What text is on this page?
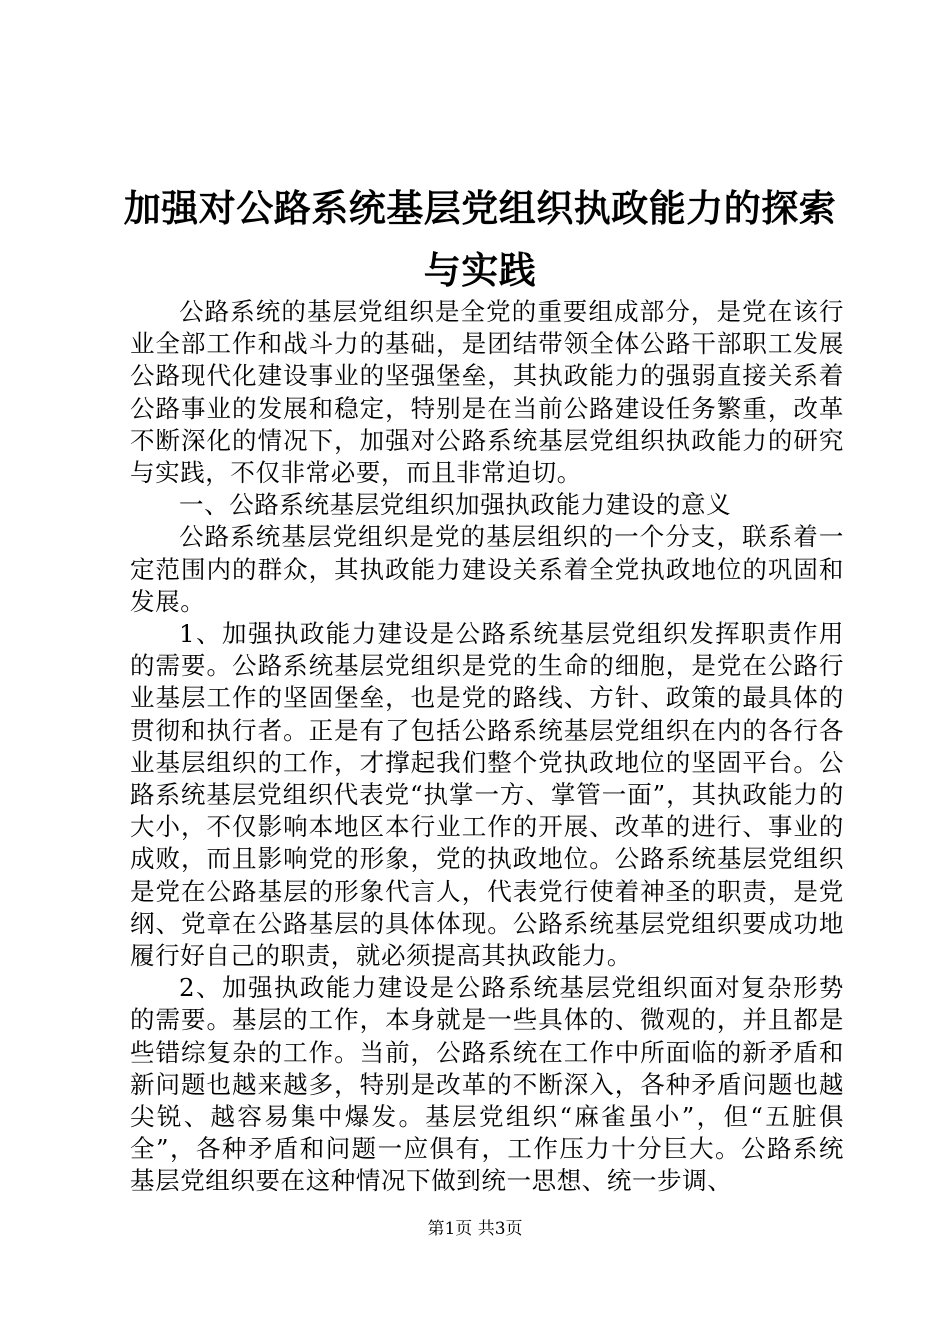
加强对公路系统基层党组织执政能力的探索与实践

公路系统的基层党组织是全党的重要组成部分，是党在该行业全部工作和战斗力的基础，是团结带领全体公路干部职工发展公路现代化建设事业的坚强堡垒，其执政能力的强弱直接关系着公路事业的发展和稳定，特别是在当前公路建设任务繁重，改革不断深化的情况下，加强对公路系统基层党组织执政能力的研究与实践，不仅非常必要，而且非常迫切。

一、公路系统基层党组织加强执政能力建设的意义

公路系统基层党组织是党的基层组织的一个分支，联系着一定范围内的群众，其执政能力建设关系着全党执政地位的巩固和发展。

1、加强执政能力建设是公路系统基层党组织发挥职责作用的需要。公路系统基层党组织是党的生命的细胞，是党在公路行业基层工作的坚固堡垒，也是党的路线、方针、政策的最具体的贯彻和执行者。正是有了包括公路系统基层党组织在内的各行各业基层组织的工作，才撑起我们整个党执政地位的坚固平台。公路系统基层党组织代表党“执掌一方、掌管一面”，其执政能力的大小，不仅影响本地区本行业工作的开展、改革的进行、事业的成败，而且影响党的形象，党的执政地位。公路系统基层党组织是党在公路基层的形象代言人，代表党行使着神圣的职责，是党纲、党章在公路基层的具体体现。公路系统基层党组织要成功地履行好自己的职责，就必须提高其执政能力。

2、加强执政能力建设是公路系统基层党组织面对复杂形势的需要。基层的工作，本身就是一些具体的、微观的，并且都是些错综复杂的工作。当前，公路系统在工作中所面临的新矛盾和新问题也越来越多，特别是改革的不断深入，各种矛盾问题也越尖锐、越容易集中爆发。基层党组织“麻雀虽小”，但“五脏俱全”，各种矛盾和问题一应俱有，工作压力十分巨大。公路系统基层党组织要在这种情况下做到统一思想、统一步调、

第1页 共3页
